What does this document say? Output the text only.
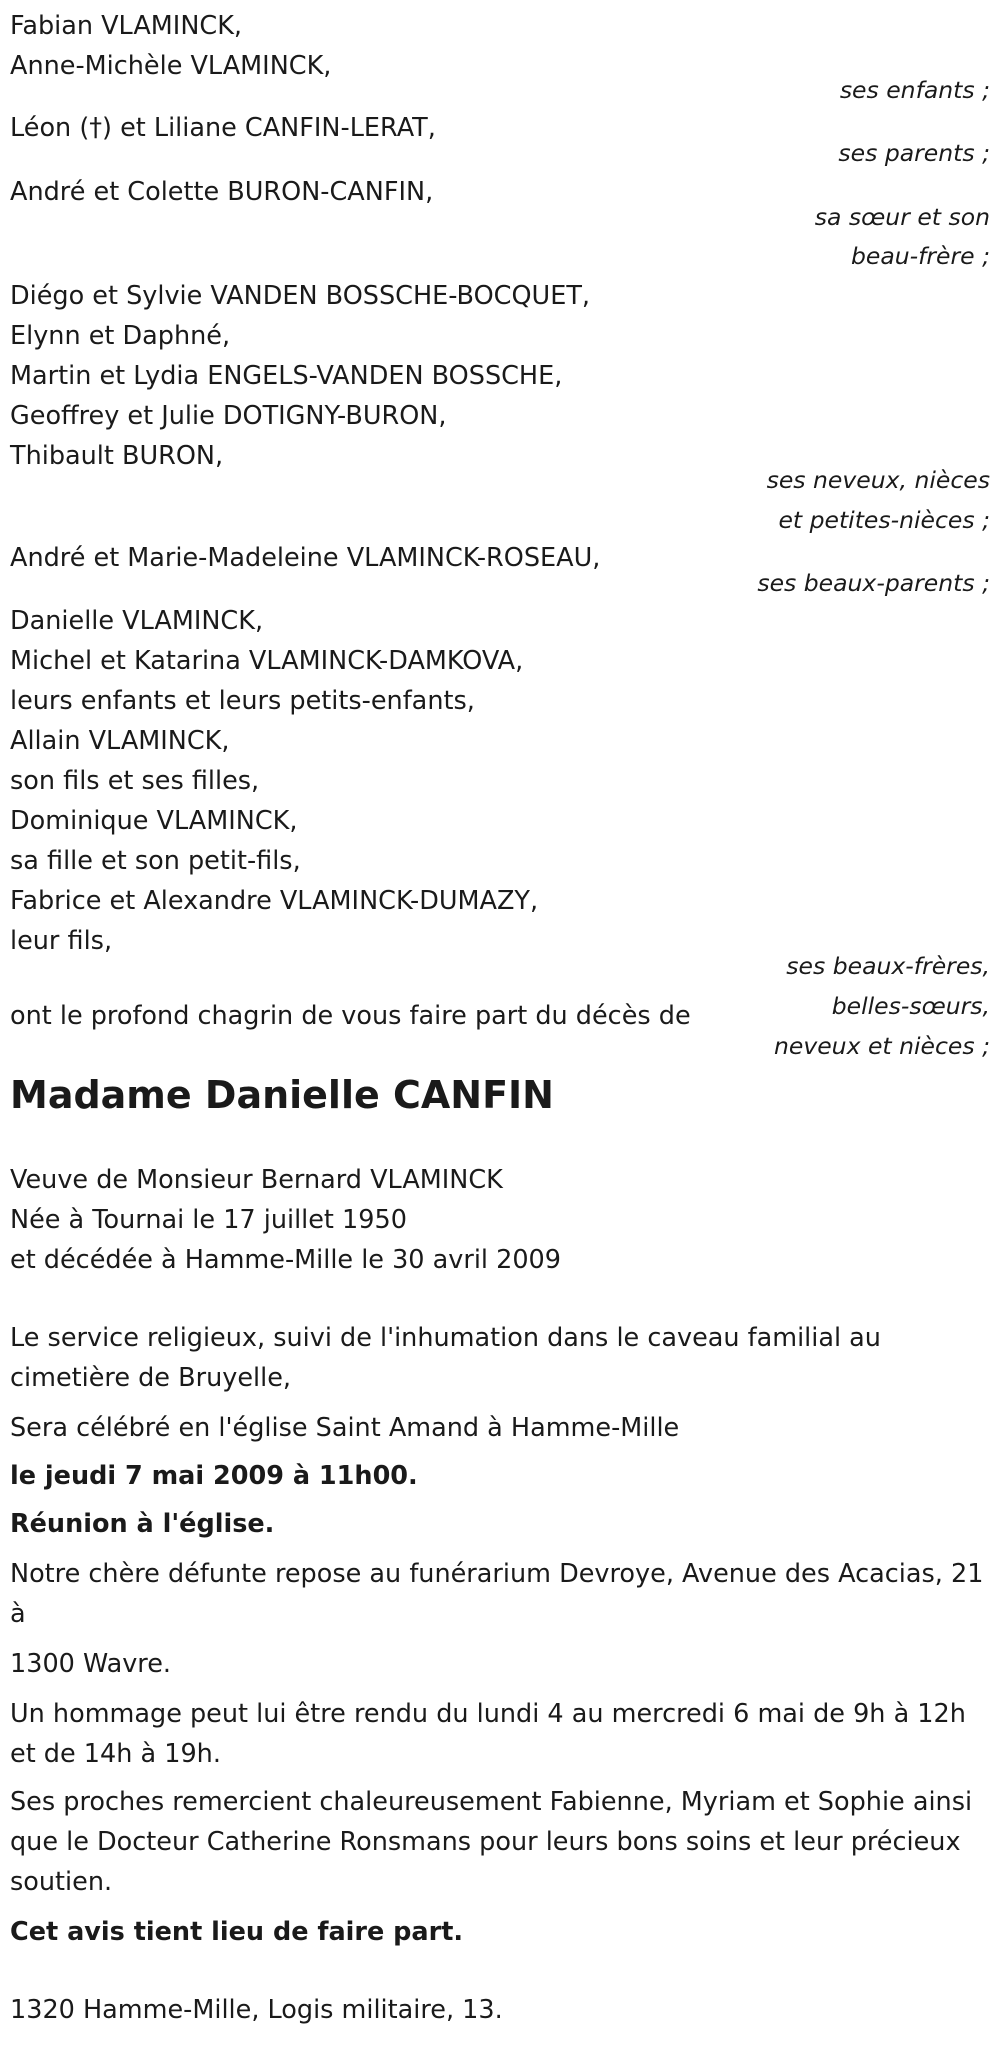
Fabian VLAMINCK,
Anne-Michèle VLAMINCK,
ses enfants ;
Léon (†) et Liliane CANFIN-LERAT,
ses parents ;
André et Colette BURON-CANFIN,
sa sœur et son
beau-frère ;
Diégo et Sylvie VANDEN BOSSCHE-BOCQUET,
Elynn et Daphné,
Martin et Lydia ENGELS-VANDEN BOSSCHE,
Geoffrey et Julie DOTIGNY-BURON,
Thibault BURON,
ses neveux, nièces
et petites-nièces ;
André et Marie-Madeleine VLAMINCK-ROSEAU,
ses beaux-parents ;
Danielle VLAMINCK,
Michel et Katarina VLAMINCK-DAMKOVA,
leurs enfants et leurs petits-enfants,
Allain VLAMINCK,
son fils et ses filles,
Dominique VLAMINCK,
sa fille et son petit-fils,
Fabrice et Alexandre VLAMINCK-DUMAZY,
leur fils,
ses beaux-frères,
belles-sœurs,
neveux et nièces ;
ont le profond chagrin de vous faire part du décès de
Madame Danielle CANFIN
Veuve de Monsieur Bernard VLAMINCK
Née à Tournai le 17 juillet 1950
et décédée à Hamme-Mille le 30 avril 2009
Le service religieux, suivi de l'inhumation dans le caveau familial au cimetière de Bruyelle,
Sera célébré en l'église Saint Amand à Hamme-Mille
le jeudi 7 mai 2009 à 11h00.
Réunion à l'église.
Notre chère défunte repose au funérarium Devroye, Avenue des Acacias, 21 à
1300 Wavre.
Un hommage peut lui être rendu du lundi 4 au mercredi 6 mai de 9h à 12h et de 14h à 19h.
Ses proches remercient chaleureusement Fabienne, Myriam et Sophie ainsi que le Docteur Catherine Ronsmans pour leurs bons soins et leur précieux soutien.
Cet avis tient lieu de faire part.
1320 Hamme-Mille, Logis militaire, 13.
